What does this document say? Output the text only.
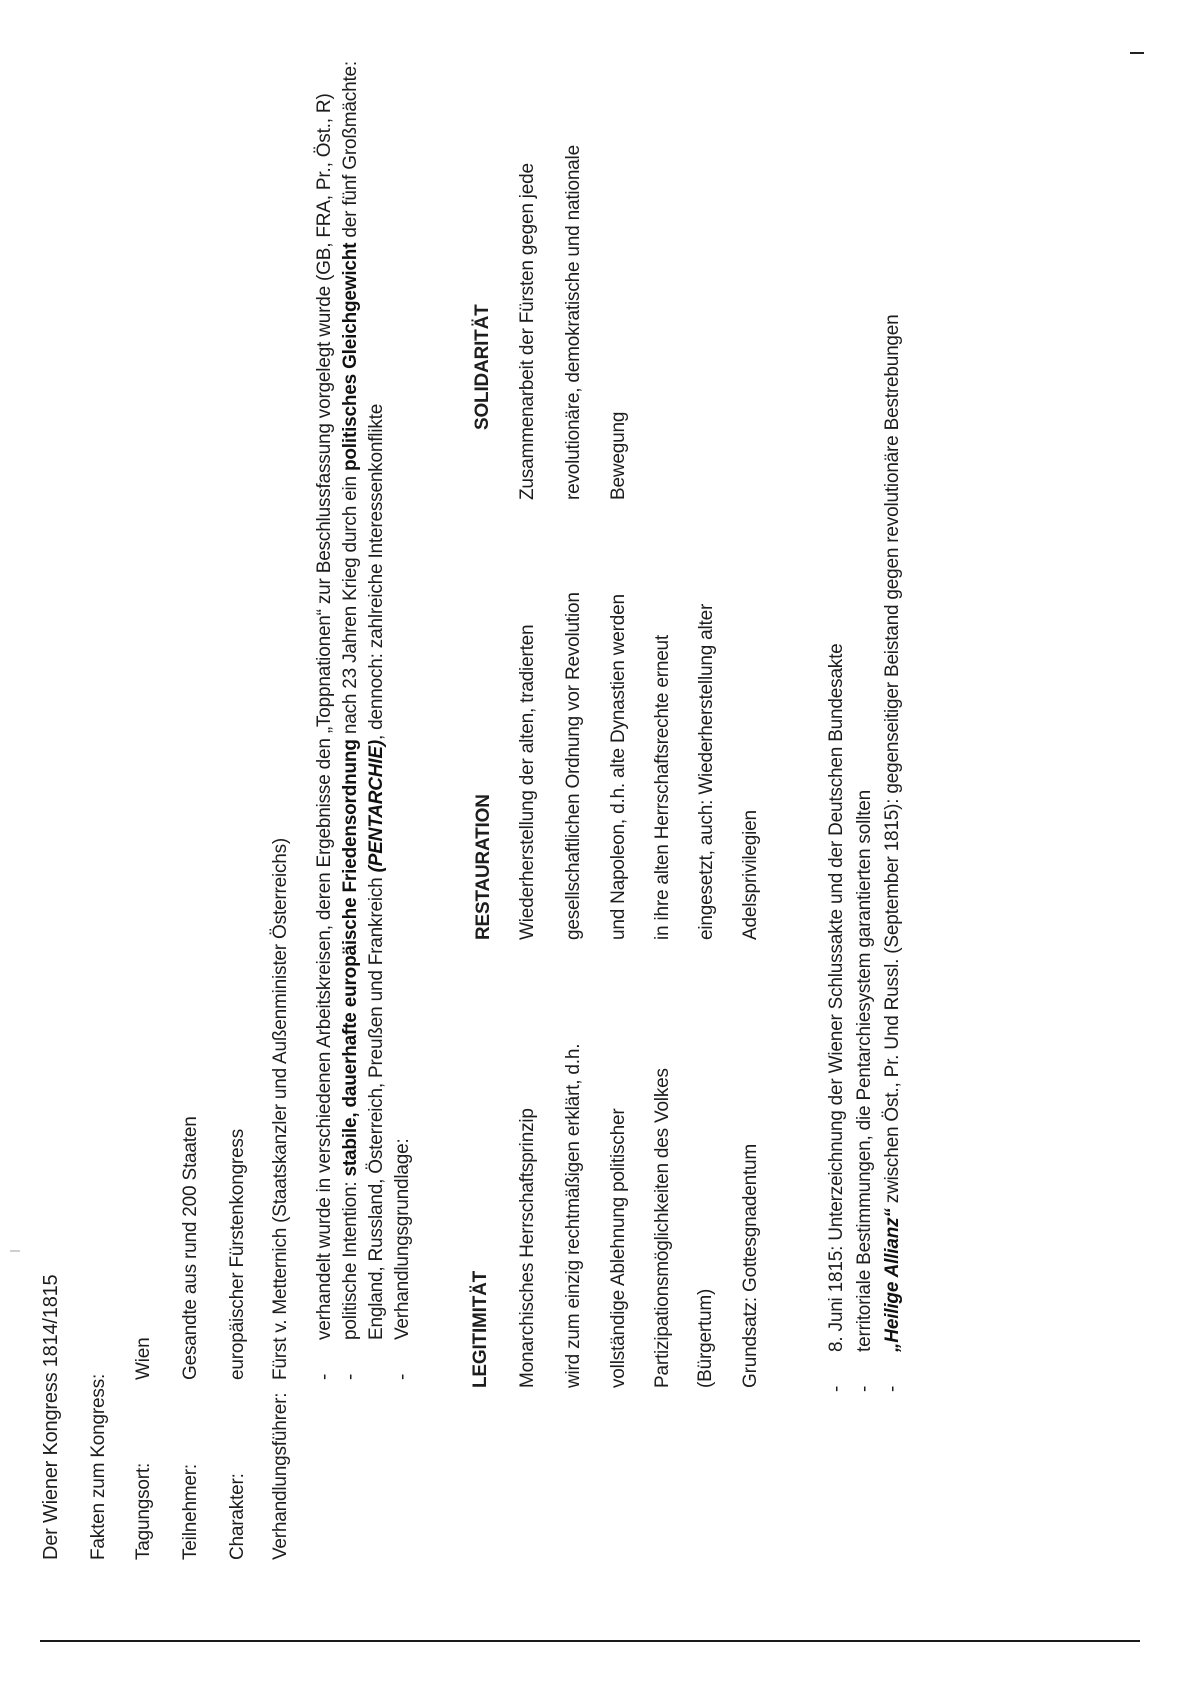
Der Wiener Kongress 1814/1815 Fakten zum Kongress: Tagungsort:
Wien
Teilnehmer:
Gesandte aus rund 200 Staaten
Charakter:
europäischer Fürstenkongress
Verhandlungsführer:
Fürst v. Metternich (Staatskanzler und Außenminister Österreichs) -
verhandelt wurde in verschiedenen Arbeitskreisen, deren Ergebnisse den „Toppnationen“ zur Beschlussfassung vorgelegt wurde (GB, FRA, Pr., Öst., R)
-
politische Intention: stabile, dauerhafte europäische Friedensordnung nach 23 Jahren Krieg durch ein politisches Gleichgewicht der fünf Großmächte:
England, Russland, Österreich, Preußen und Frankreich (PENTARCHIE), dennoch: zahlreiche Interessenkonflikte
-
Verhandlungsgrundlage:	LEGITIMITÄT Monarchisches Herrschaftsprinzip wird zum einzig rechtmäßigen erklärt, d.h. vollständige Ablehnung politischer Partizipationsmöglichkeiten des Volkes (Bürgertum) Grundsatz: Gottesgnadentum
RESTAURATION Wiederherstellung der alten, tradierten gesellschaftlichen Ordnung vor Revolution und Napoleon, d.h. alte Dynastien werden in ihre alten Herrschaftsrechte erneut eingesetzt, auch: Wiederherstellung alter Adelsprivilegien
SOLIDARITÄT Zusammenarbeit der Fürsten gegen jede revolutionäre, demokratische und nationale Bewegung
-
8. Juni 1815: Unterzeichnung der Wiener Schlussakte und der Deutschen Bundesakte
-
territoriale Bestimmungen, die Pentarchiesystem garantierten sollten
-
„Heilige Allianz“ zwischen Öst., Pr. Und Russl. (September 1815): gegenseitiger Beistand gegen revolutionäre Bestrebungen
